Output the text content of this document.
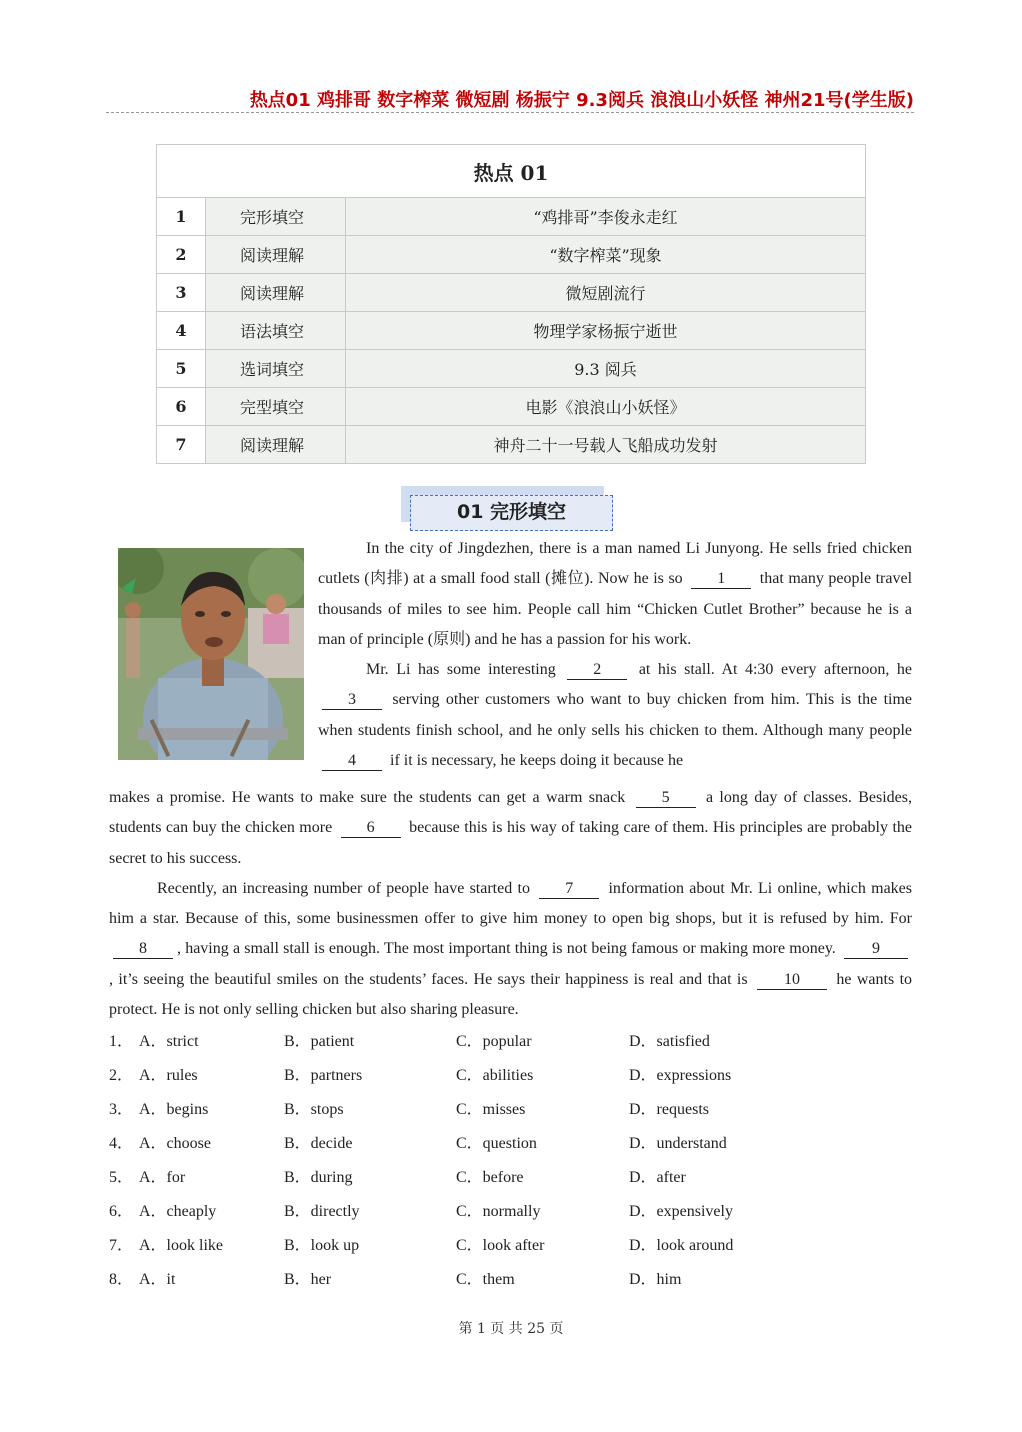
热点01 鸡排哥 数字榨菜 微短剧 杨振宁 9.3阅兵 浪浪山小妖怪 神州21号(学生版)
热点 01		
1	完形填空	“鸡排哥”李俊永走红
2	阅读理解	“数字榨菜”现象
3	阅读理解	微短剧流行
4	语法填空	物理学家杨振宁逝世
5	选词填空	9.3 阅兵
6	完型填空	电影《浪浪山小妖怪》
7	阅读理解	神舟二十一号载人飞船成功发射
01 完形填空

In the city of Jingdezhen, there is a man named Li Junyong. He sells fried chicken cutlets (肉排) at a small food stall (摊位). Now he is so 1 that many people travel thousands of miles to see him. People call him “Chicken Cutlet Brother” because he is a man of principle (原则) and he has a passion for his work.

Mr. Li has some interesting 2 at his stall. At 4:30 every afternoon, he 3 serving other customers who want to buy chicken from him. This is the time when students finish school, and he only sells his chicken to them. Although many people 4 if it is necessary, he keeps doing it because he

makes a promise. He wants to make sure the students can get a warm snack 5 a long day of classes. Besides, students can buy the chicken more 6 because this is his way of taking care of them. His principles are probably the secret to his success.

Recently, an increasing number of people have started to 7 information about Mr. Li online, which makes him a star. Because of this, some businessmen offer to give him money to open big shops, but it is refused by him. For 8 , having a small stall is enough. The most important thing is not being famous or making more money. 9, it’s seeing the beautiful smiles on the students’ faces. He says their happiness is real and that is 10 he wants to protect. He is not only selling chicken but also sharing pleasure.

1． A．strict	B．patient	C．popular	D．satisfied
2． A．rules	B．partners	C．abilities	D．expressions
3． A．begins	B．stops	C．misses	D．requests
4． A．choose	B．decide	C．question	D．understand
5． A．for	B．during	C．before	D．after
6． A．cheaply	B．directly	C．normally	D．expensively
7． A．look like	B．look up	C．look after	D．look around
8． A．it	B．her	C．them	D．him
第 1 页 共 25 页
